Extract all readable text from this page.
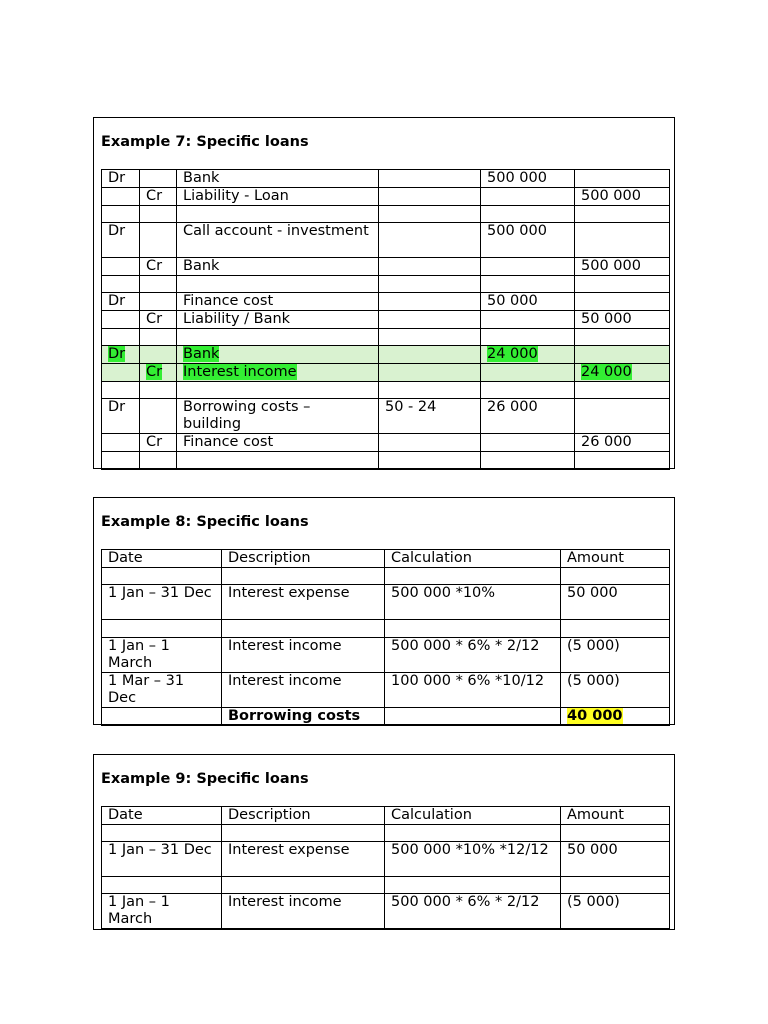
Example 7: Specific loans
Dr		Bank		500 000	
	Cr	Liability - Loan			500 000

Dr		Call account - investment		500 000	
	Cr	Bank			500 000

Dr		Finance cost		50 000	
	Cr	Liability / Bank			50 000

Dr		Bank		24 000	
	Cr	Interest income			24 000

Dr		Borrowing costs – building	50 - 24	26 000	
	Cr	Finance cost			26 000

Example 8: Specific loans
Date	Description	Calculation	Amount

1 Jan – 31 Dec	Interest expense	500 000 *10%	50 000

1 Jan – 1 March	Interest income	500 000 * 6% * 2/12	(5 000)
1 Mar – 31 Dec	Interest income	100 000 * 6% *10/12	(5 000)
	Borrowing costs		40 000
Example 9: Specific loans
Date	Description	Calculation	Amount

1 Jan – 31 Dec	Interest expense	500 000 *10% *12/12	50 000

1 Jan – 1 March	Interest income	500 000 * 6% * 2/12	(5 000)
